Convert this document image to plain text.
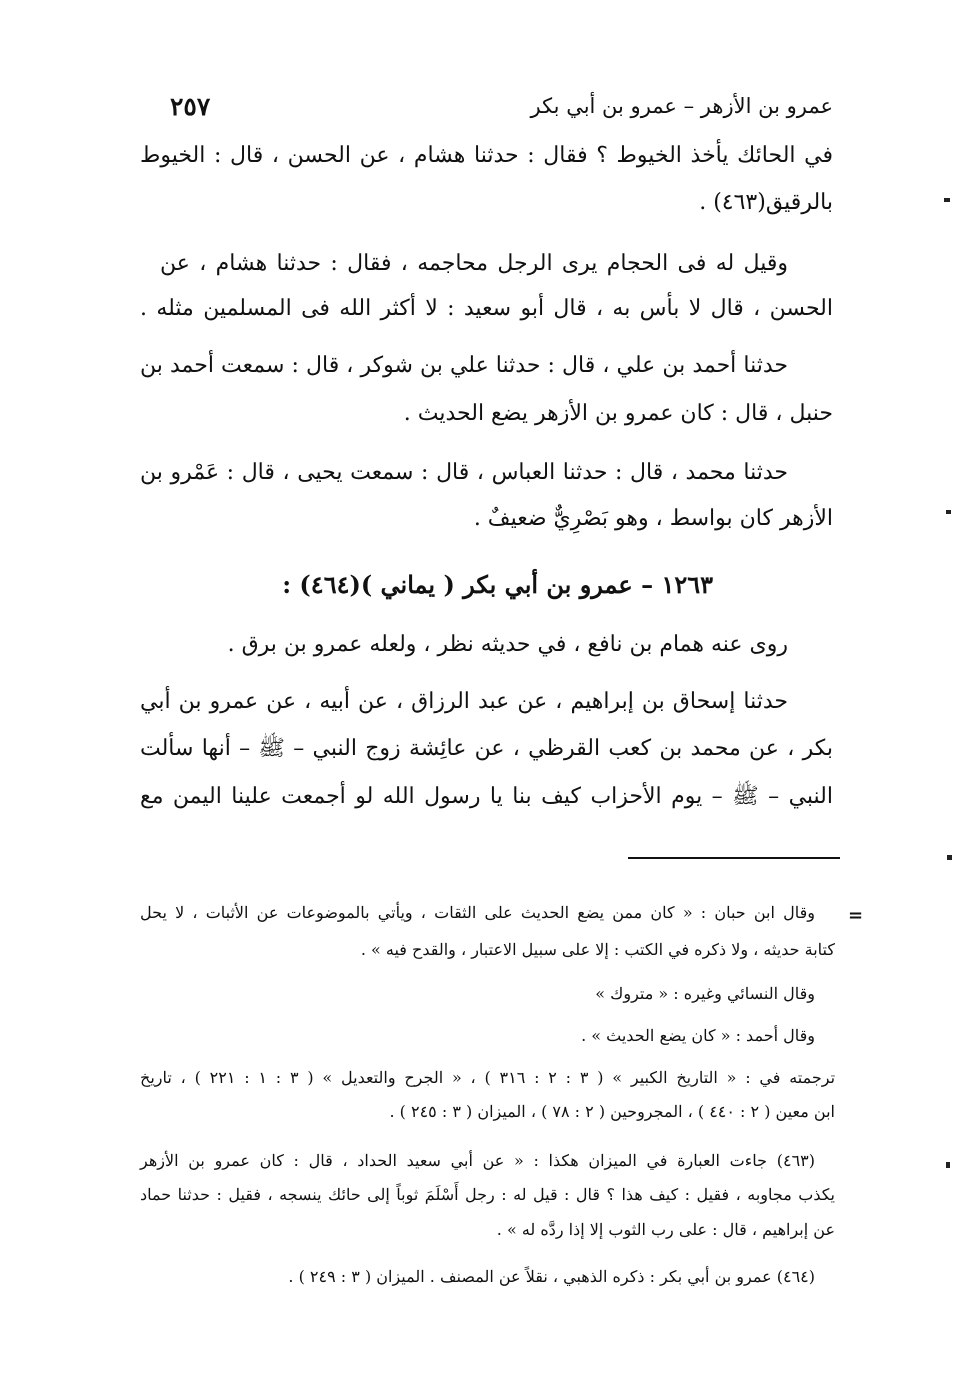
٢٥٧	عمرو بن الأزهر – عمرو بن أبي بكر
في الحائك يأخذ الخيوط ؟ فقال : حدثنا هشام ، عن الحسن ، قال : الخيوط
بالرقيق(٤٦٣) .
وقيل له فى الحجام يرى الرجل محاجمه ، فقال : حدثنا هشام ، عن
الحسن ، قال لا بأس به ، قال أبو سعيد : لا أكثر الله فى المسلمين مثله .
حدثنا أحمد بن علي ، قال : حدثنا علي بن شوكر ، قال : سمعت أحمد بن
حنبل ، قال : كان عمرو بن الأزهر يضع الحديث .
حدثنا محمد ، قال : حدثنا العباس ، قال : سمعت يحيى ، قال : عَمْرو بن
الأزهر كان بواسط ، وهو بَصْرِيٌّ ضعيفٌ .
١٢٦٣ – عمرو بن أبي بكر ( يماني )(٤٦٤) :
روى عنه همام بن نافع ، في حديثه نظر ، ولعله عمرو بن برق .
حدثنا إسحاق بن إبراهيم ، عن عبد الرزاق ، عن أبيه ، عن عمرو بن أبي
بكر ، عن محمد بن كعب القرظي ، عن عائِشة زوج النبي – ﷺ – أنها سألت
النبي – ﷺ – يوم الأحزاب كيف بنا يا رسول الله لو أجمعت علينا اليمن مع
=
وقال ابن حبان : « كان ممن يضع الحديث على الثقات ، ويأتي بالموضوعات عن الأثبات ، لا يحل
كتابة حديثه ، ولا ذكره في الكتب : إلا على سبيل الاعتبار ، والقدح فيه » .
وقال النسائي وغيره : « متروك »
وقال أحمد : « كان يضع الحديث » .
ترجمته في : « التاريخ الكبير » ( ٣ : ٢ : ٣١٦ ) ، « الجرح والتعديل » ( ٣ : ١ : ٢٢١ ) ، تاريخ
ابن معين ( ٢ : ٤٤٠ ) ، المجروحين ( ٢ : ٧٨ ) ، الميزان ( ٣ : ٢٤٥ ) .
(٤٦٣) جاءت العبارة في الميزان هكذا : « عن أبي سعيد الحداد ، قال : كان عمرو بن الأزهر
يكذب مجاوبه ، فقيل : كيف هذا ؟ قال : قيل له : رجل أَسْلَمَ ثوباً إلى حائك ينسجه ، فقيل : حدثنا حماد
عن إبراهيم ، قال : على رب الثوب إلا إذا ردَّه له » .
(٤٦٤) عمرو بن أبي بكر : ذكره الذهبي ، نقلاً عن المصنف . الميزان ( ٣ : ٢٤٩ ) .
